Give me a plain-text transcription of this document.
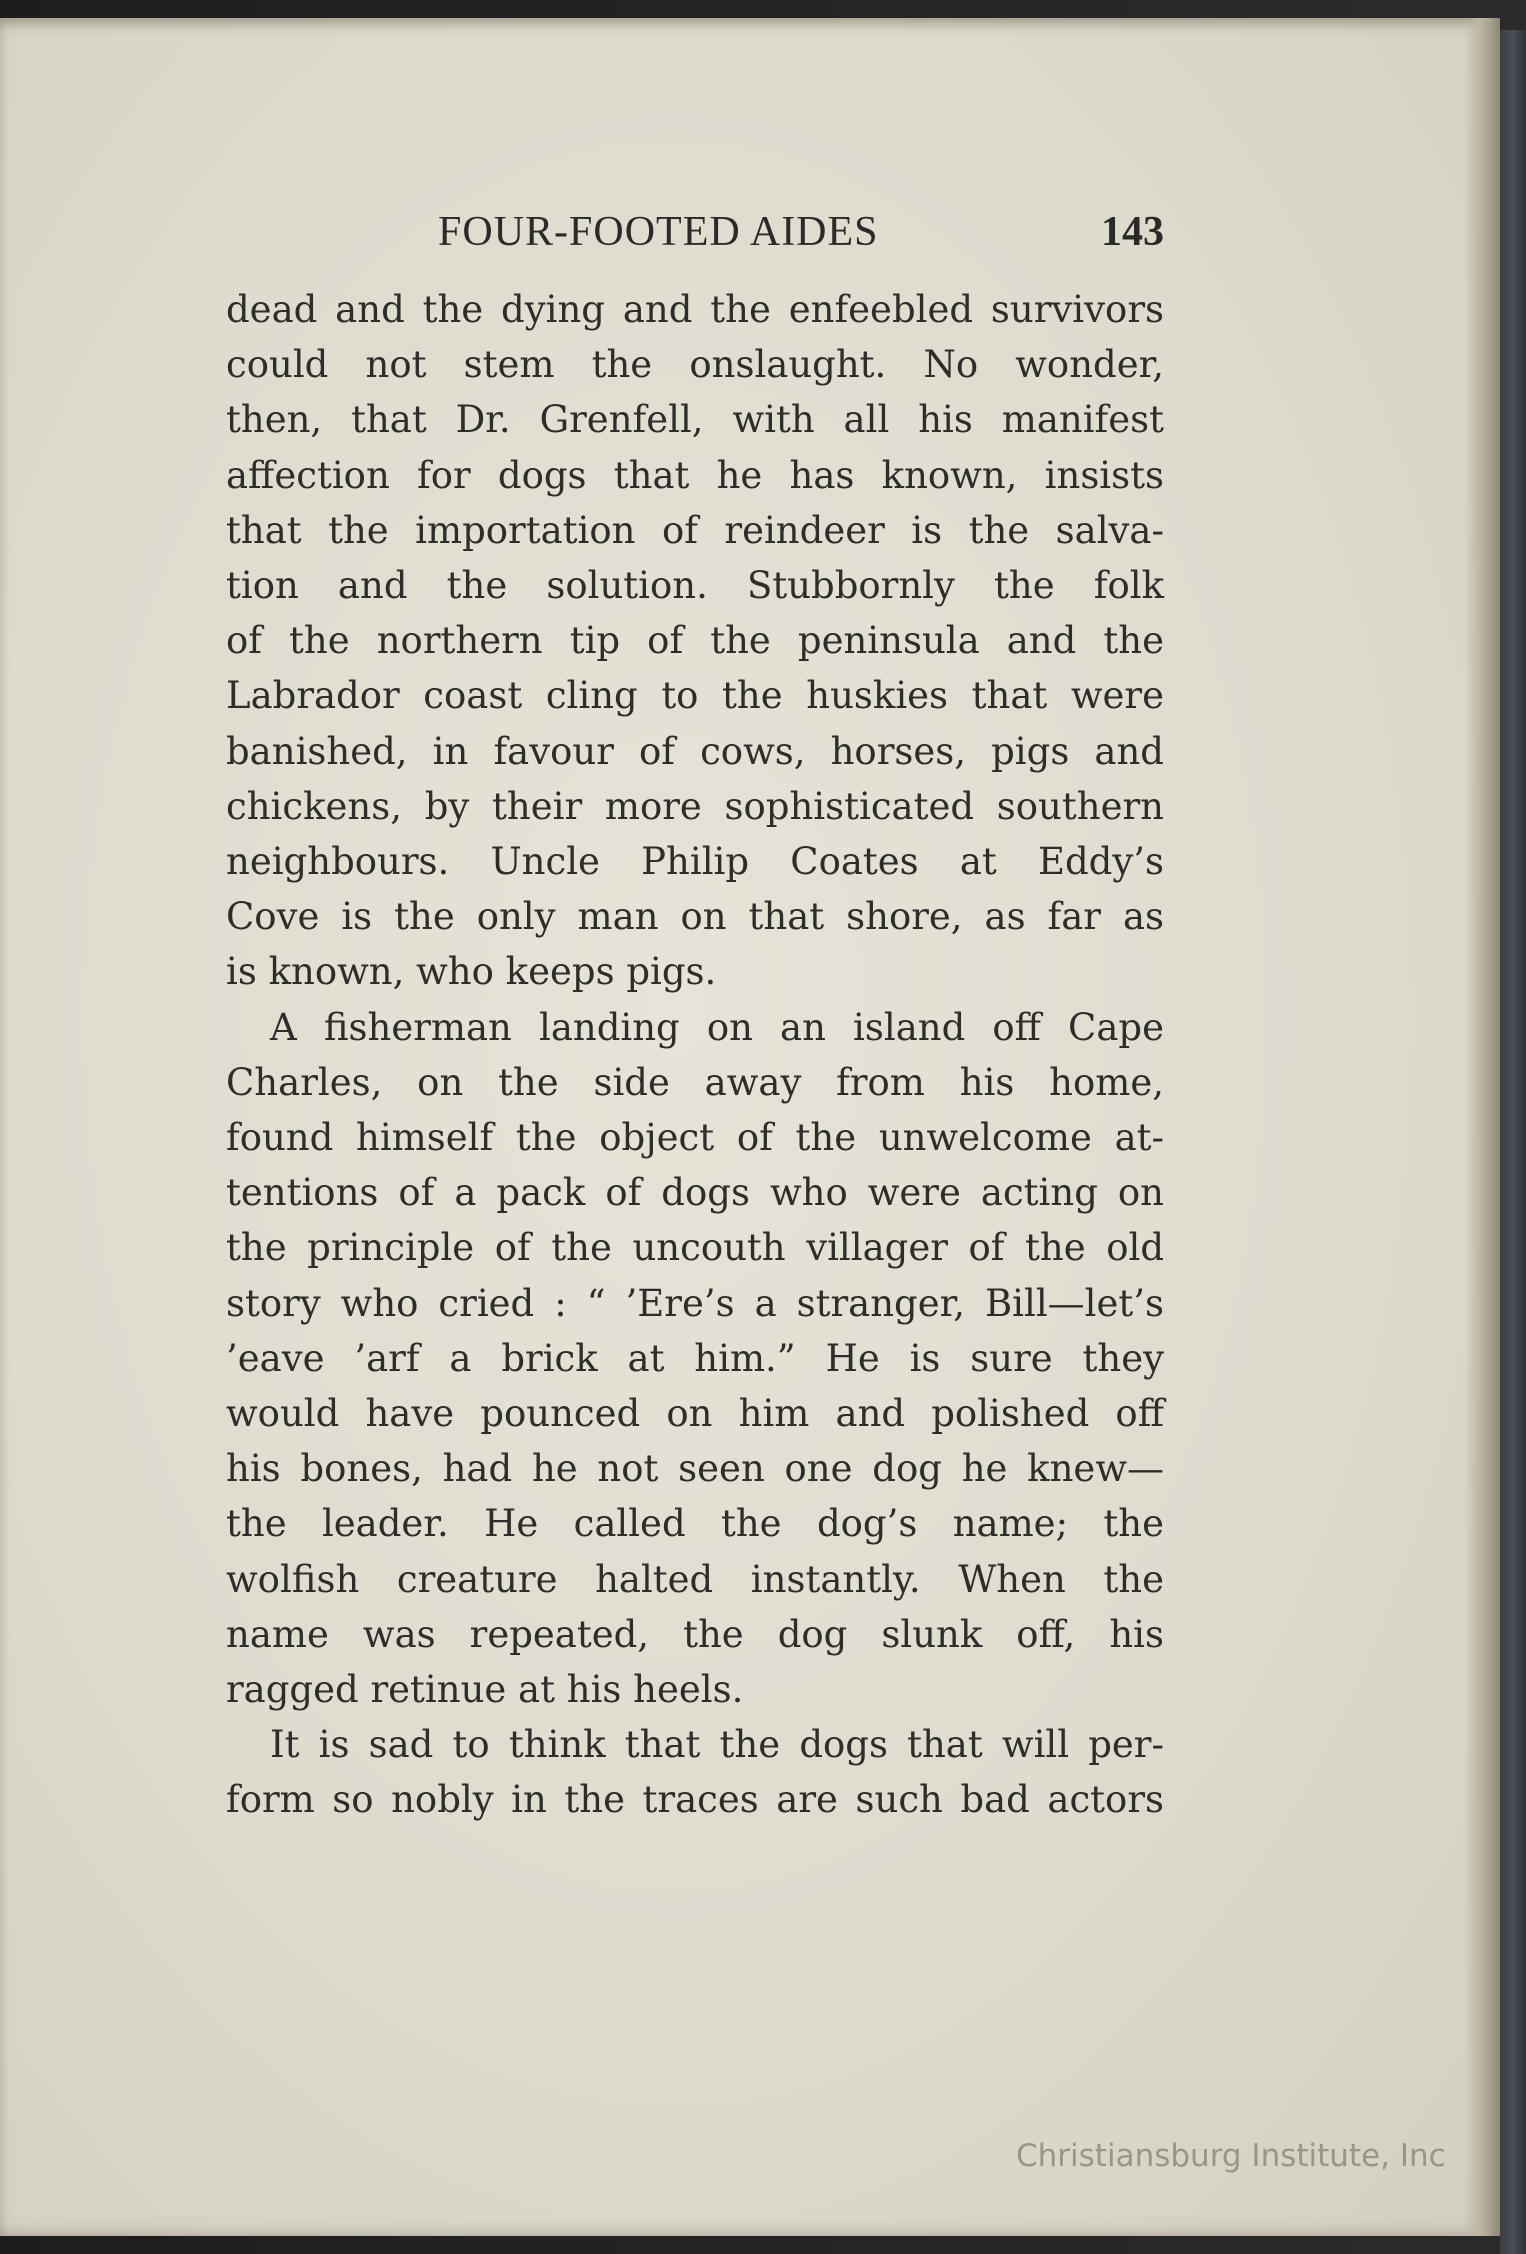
FOUR-FOOTED AIDES	143
dead and the dying and the enfeebled survivors
could not stem the onslaught. No wonder,
then, that Dr. Grenfell, with all his manifest
affection for dogs that he has known, insists
that the importation of reindeer is the salva-
tion and the solution. Stubbornly the folk
of the northern tip of the peninsula and the
Labrador coast cling to the huskies that were
banished, in favour of cows, horses, pigs and
chickens, by their more sophisticated southern
neighbours. Uncle Philip Coates at Eddy’s
Cove is the only man on that shore, as far as
is known, who keeps pigs.
A fisherman landing on an island off Cape
Charles, on the side away from his home,
found himself the object of the unwelcome at-
tentions of a pack of dogs who were acting on
the principle of the uncouth villager of the old
story who cried : “ ’Ere’s a stranger, Bill—let’s
’eave ’arf a brick at him.” He is sure they
would have pounced on him and polished off
his bones, had he not seen one dog he knew—
the leader. He called the dog’s name; the
wolfish creature halted instantly. When the
name was repeated, the dog slunk off, his
ragged retinue at his heels.
It is sad to think that the dogs that will per-
form so nobly in the traces are such bad actors
Christiansburg Institute, Inc
